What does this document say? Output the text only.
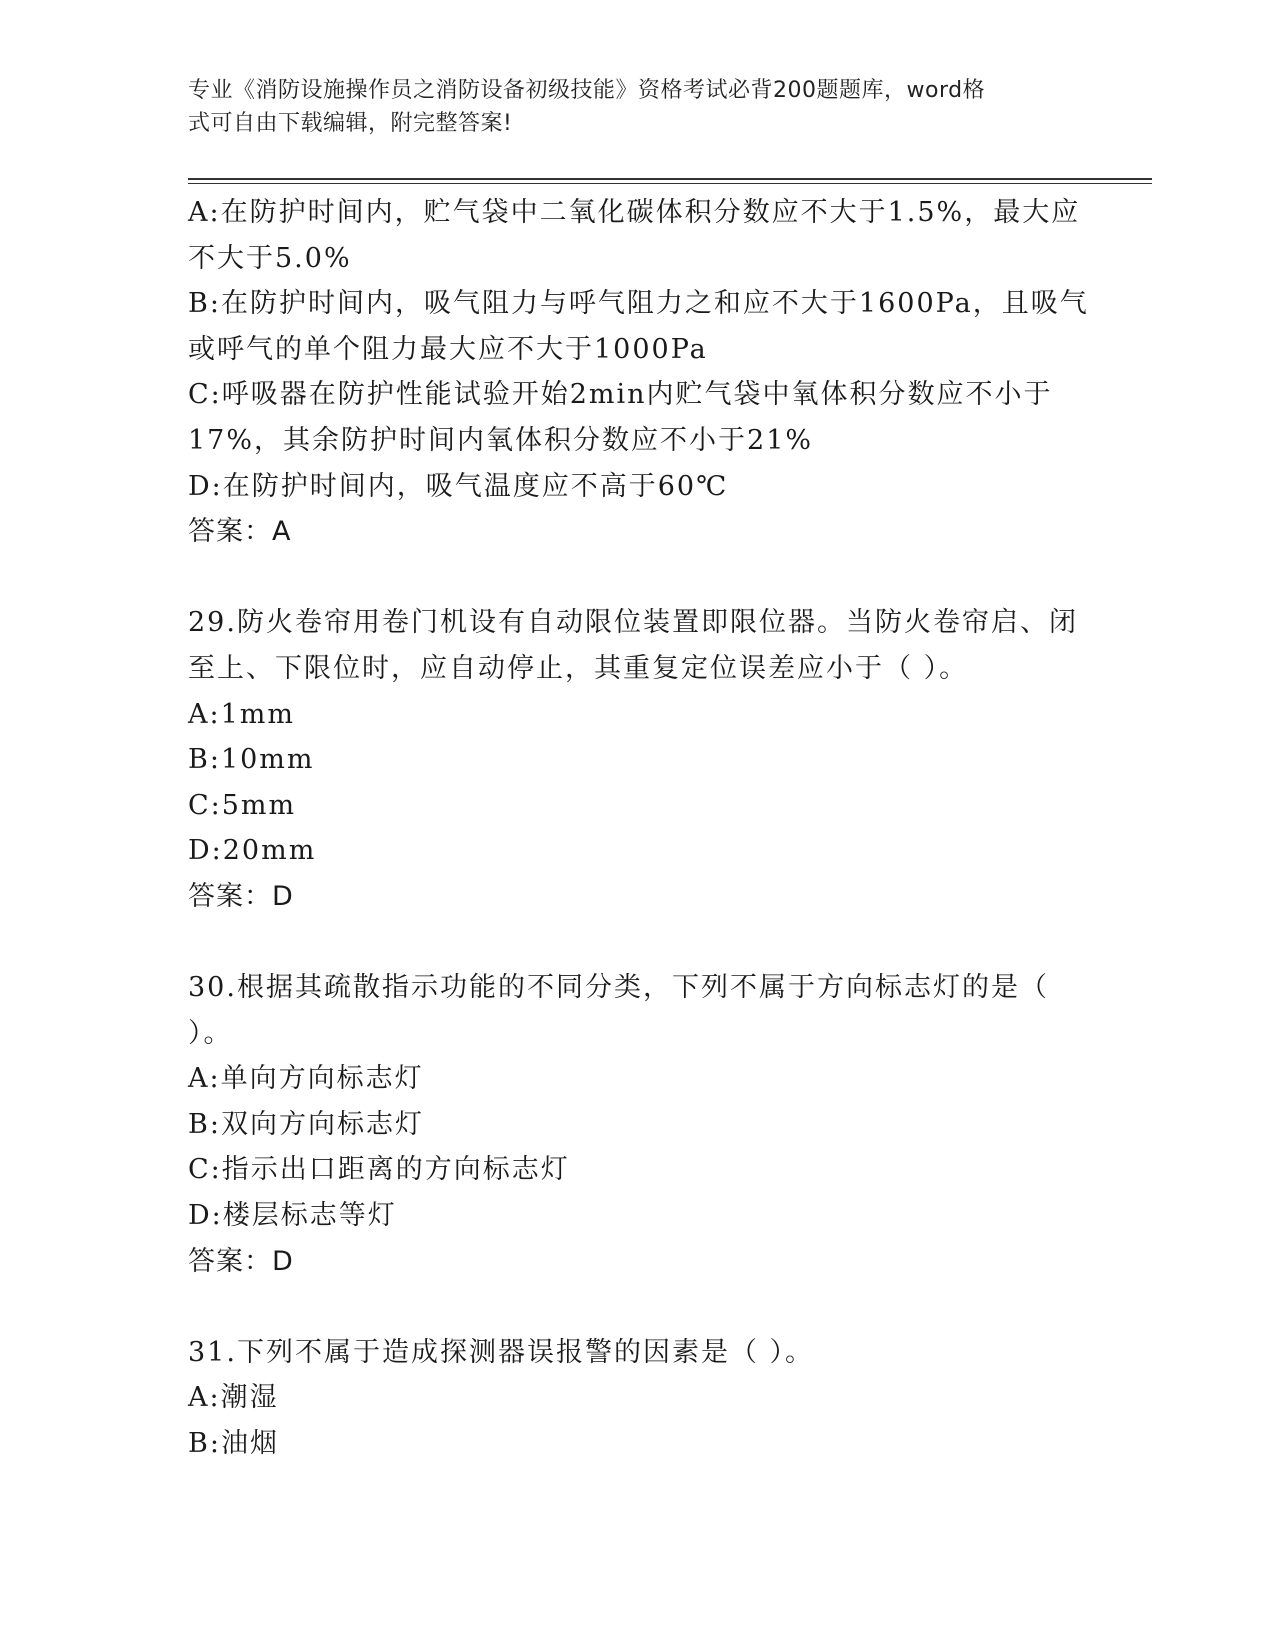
专业《消防设施操作员之消防设备初级技能》资格考试必背200题题库，word格
式可自由下载编辑，附完整答案!
A:在防护时间内，贮气袋中二氧化碳体积分数应不大于1.5%，最大应
不大于5.0%
B:在防护时间内，吸气阻力与呼气阻力之和应不大于1600Pa，且吸气
或呼气的单个阻力最大应不大于1000Pa
C:呼吸器在防护性能试验开始2min内贮气袋中氧体积分数应不小于
17%，其余防护时间内氧体积分数应不小于21%
D:在防护时间内，吸气温度应不高于60℃
答案：A
29.防火卷帘用卷门机设有自动限位装置即限位器。当防火卷帘启、闭
至上、下限位时，应自动停止，其重复定位误差应小于（ ）。
A:1mm
B:10mm
C:5mm
D:20mm
答案：D
30.根据其疏散指示功能的不同分类，下列不属于方向标志灯的是（
）。
A:单向方向标志灯
B:双向方向标志灯
C:指示出口距离的方向标志灯
D:楼层标志等灯
答案：D
31.下列不属于造成探测器误报警的因素是（ ）。
A:潮湿
B:油烟
